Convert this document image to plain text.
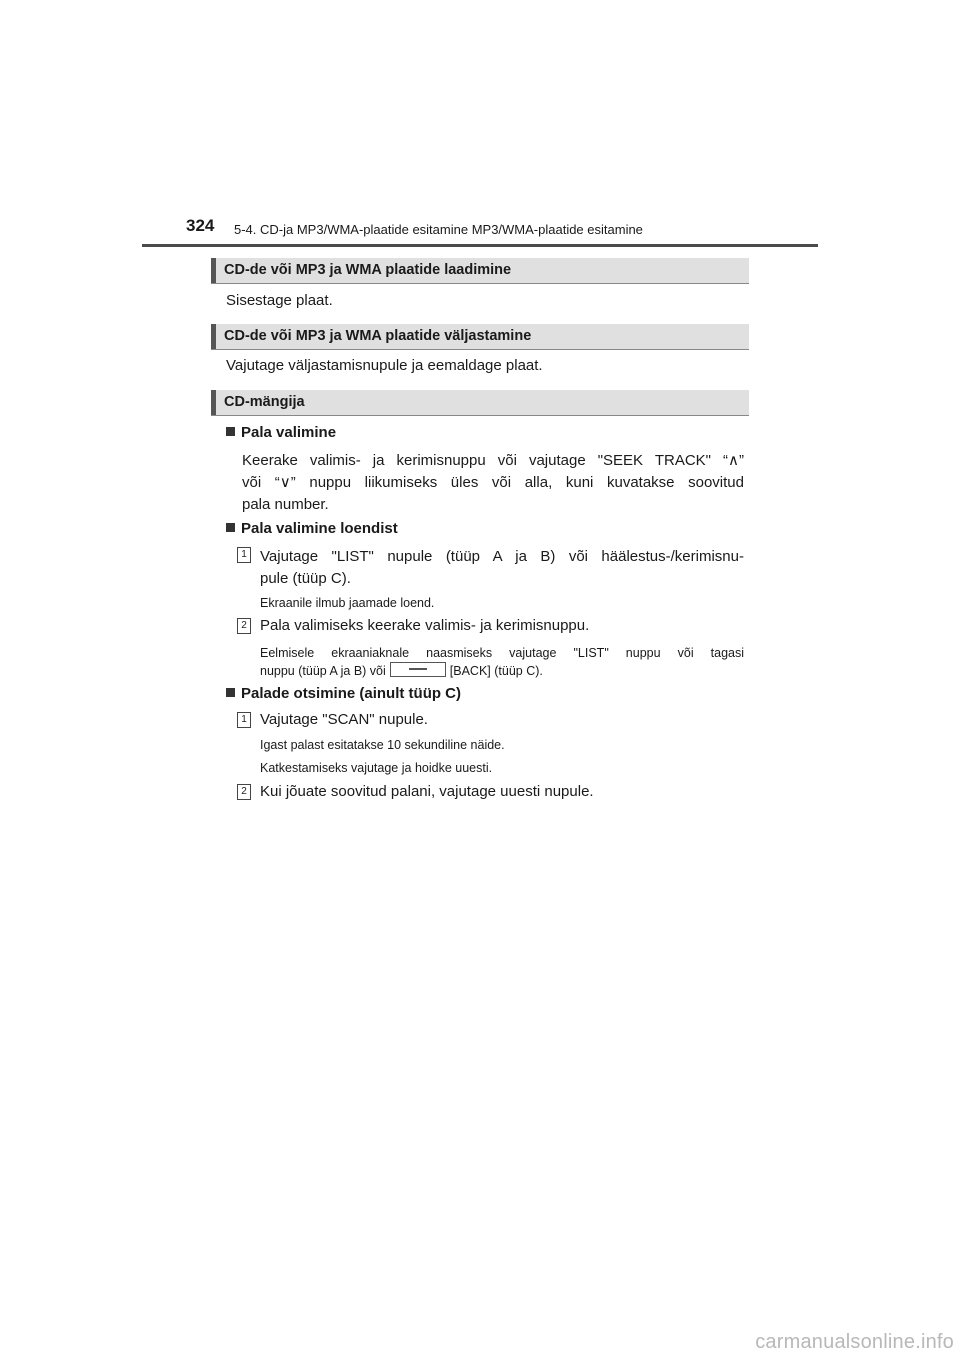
324 5-4. CD-ja MP3/WMA-plaatide esitamine MP3/WMA-plaatide esitamine
CD-de või MP3 ja WMA plaatide laadimine
Sisestage plaat.
CD-de või MP3 ja WMA plaatide väljastamine
Vajutage väljastamisnupule ja eemaldage plaat.
CD-mängija
Pala valimine
Keerake valimis- ja kerimisnuppu või vajutage "SEEK TRACK" “∧”
või “∨” nuppu liikumiseks üles või alla, kuni kuvatakse soovitud
pala number.
Pala valimine loendist
1 Vajutage "LIST" nupule (tüüp A ja B) või häälestus-/kerimisnu-
pule (tüüp C).
Ekraanile ilmub jaamade loend.
2 Pala valimiseks keerake valimis- ja kerimisnuppu.
Eelmisele ekraaniaknale naasmiseks vajutage "LIST" nuppu või tagasi
nuppu (tüüp A ja B) või	[BACK] (tüüp C).
Palade otsimine (ainult tüüp C)
1 Vajutage "SCAN" nupule.
Igast palast esitatakse 10 sekundiline näide.
Katkestamiseks vajutage ja hoidke uuesti.
2 Kui jõuate soovitud palani, vajutage uuesti nupule.
carmanualsonline.info
